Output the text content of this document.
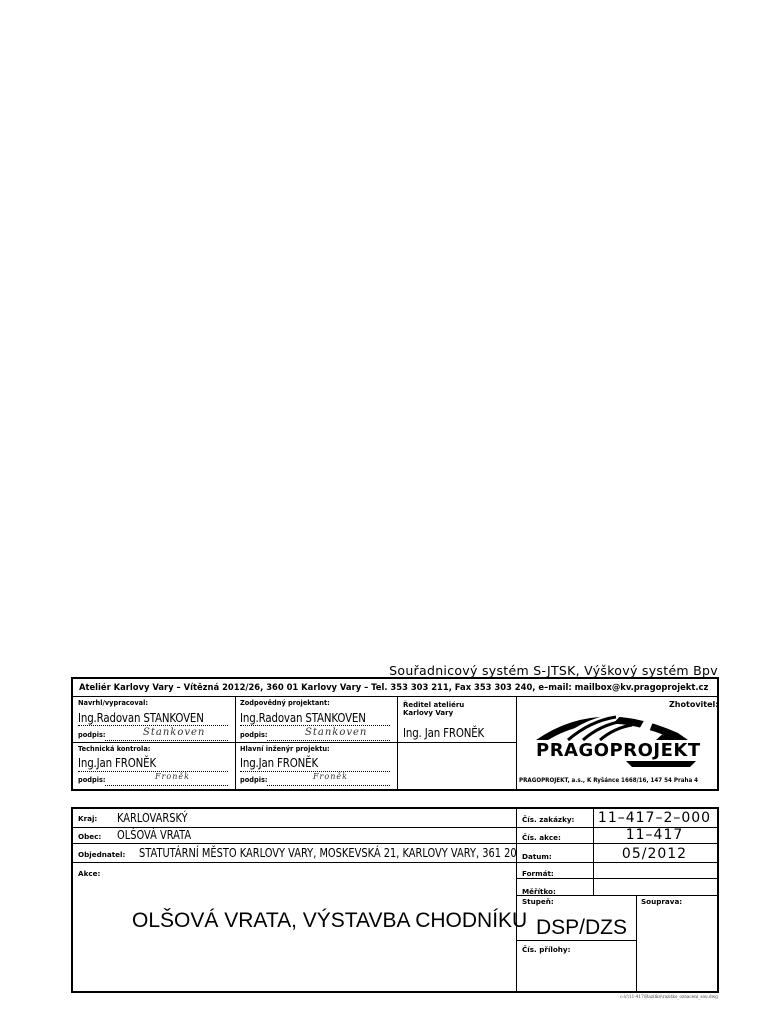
Souřadnicový systém S-JTSK, Výškový systém Bpv
Ateliér Karlovy Vary – Vítězná 2012/26, 360 01 Karlovy Vary – Tel. 353 303 211, Fax 353 303 240, e–mail: mailbox@kv.pragoprojekt.cz
Navrhl/vypracoval:
Ing.Radovan STANKOVEN
podpis:	Stankoven
Zodpovědný projektant:
Ing.Radovan STANKOVEN
podpis:	Stankoven
Ředitel ateliéru
Karlovy Vary
Ing. Jan FRONĚK
Technická kontrola:
Ing.Jan FRONĚK
podpis:	Froněk
Hlavní inženýr projektu:
Ing.Jan FRONĚK
podpis:	Froněk
Zhotovitel:
PRAGOPROJEKT
PRAGOPROJEKT, a.s., K Ryšánce 1668/16, 147 54 Praha 4
Kraj: KARLOVARSKÝ
Obec: OLŠOVÁ VRATA
Objednatel: STATUTÁRNÍ MĚSTO KARLOVY VARY, MOSKEVSKÁ 21, KARLOVY VARY, 361 20
Akce:
OLŠOVÁ VRATA, VÝSTAVBA CHODNÍKU
Čís. zakázky: 11–417–2–000
Čís. akce:	11–417
Datum:	05/2012
Formát:
Měřítko:
Stupeň:
DSP/DZS
Souprava:
Čís. přílohy:
c:\c\11-417\Razitko\razitko_oznaceni_sou.dwg
